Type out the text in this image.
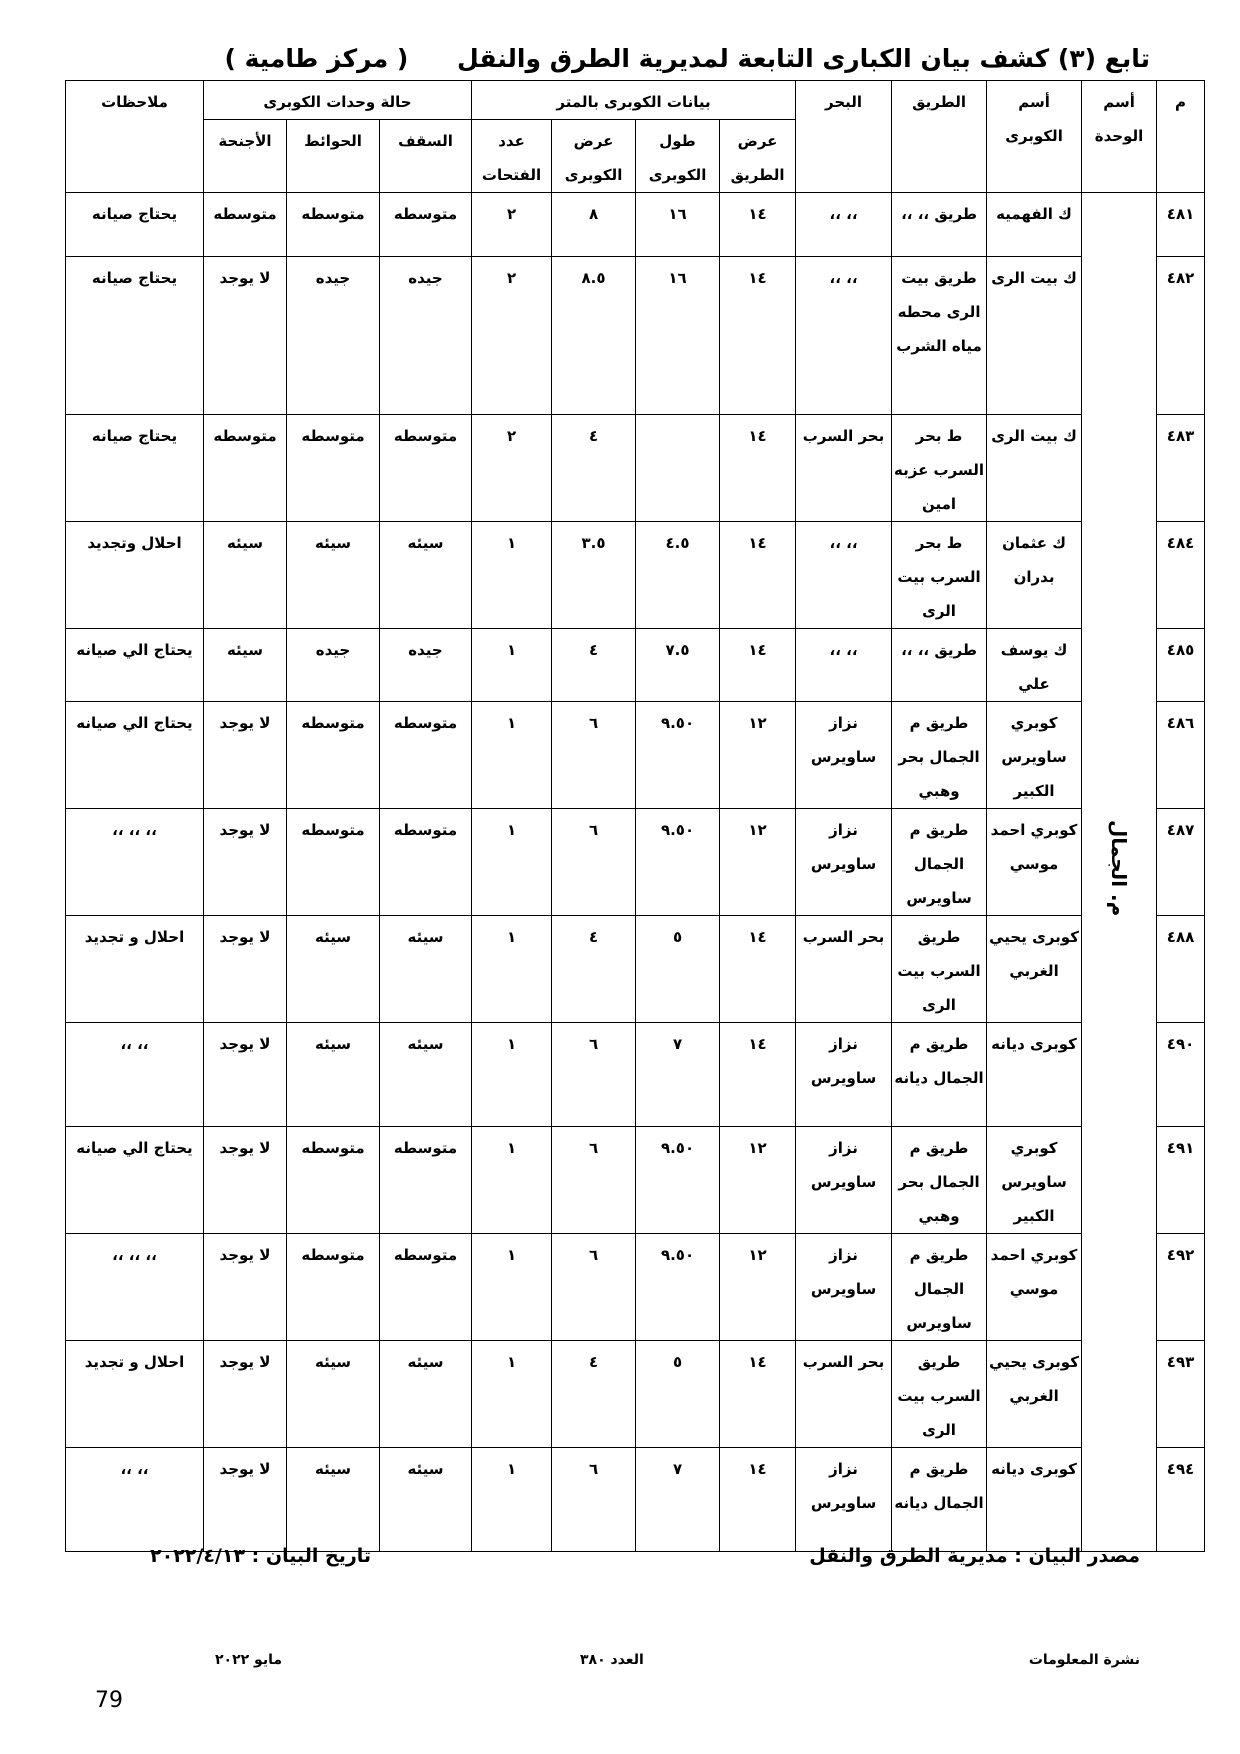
تابع (٣) كشف بيان الكبارى التابعة لمديرية الطرق والنقل ( مركز طامية )
م	أسم الوحدة	أسم الكوبرى	الطريق	البحر	بيانات الكوبرى بالمتر				حالة وحدات الكوبرى			ملاحظات
					عرض الطريق	طول الكوبرى	عرض الكوبرى	عدد الفتحات	السقف	الحوائط	الأجنحة	
٤٨١	م. الجمال	ك الفهميه	طريق ،، ،،	،، ،،	١٤	١٦	٨	٢	متوسطه	متوسطه	متوسطه	يحتاج صيانه
٤٨٢		ك بيت الرى	طريق بيت الرى محطه مياه الشرب	،، ،،	١٤	١٦	٨.٥	٢	جيده	جيده	لا يوجد	يحتاج صيانه
٤٨٣		ك بيت الرى	ط بحر السرب عزبه امين	بحر السرب	١٤		٤	٢	متوسطه	متوسطه	متوسطه	يحتاج صيانه
٤٨٤		ك عثمان بدران	ط بحر السرب بيت الرى	،، ،،	١٤	٤.٥	٣.٥	١	سيئه	سيئه	سيئه	احلال وتجديد
٤٨٥		ك يوسف علي	طريق ،، ،،	،، ،،	١٤	٧.٥	٤	١	جيده	جيده	سيئه	يحتاج الي صيانه
٤٨٦		كوبري ساويرس الكبير	طريق م الجمال بحر وهبي	نزاز ساويرس	١٢	٩.٥٠	٦	١	متوسطه	متوسطه	لا يوجد	يحتاج الي صيانه
٤٨٧		كوبري احمد موسي	طريق م الجمال ساويرس	نزاز ساويرس	١٢	٩.٥٠	٦	١	متوسطه	متوسطه	لا يوجد	،، ،، ،،
٤٨٨		كوبرى يحيي الغربي	طريق السرب بيت الرى	بحر السرب	١٤	٥	٤	١	سيئه	سيئه	لا يوجد	احلال و تجديد
٤٩٠		كوبرى ديانه	طريق م الجمال ديانه	نزاز ساويرس	١٤	٧	٦	١	سيئه	سيئه	لا يوجد	،، ،،
٤٩١		كوبري ساويرس الكبير	طريق م الجمال بحر وهبي	نزاز ساويرس	١٢	٩.٥٠	٦	١	متوسطه	متوسطه	لا يوجد	يحتاج الي صيانه
٤٩٢		كوبري احمد موسي	طريق م الجمال ساويرس	نزاز ساويرس	١٢	٩.٥٠	٦	١	متوسطه	متوسطه	لا يوجد	،، ،، ،،
٤٩٣		كوبرى يحيي الغربي	طريق السرب بيت الرى	بحر السرب	١٤	٥	٤	١	سيئه	سيئه	لا يوجد	احلال و تجديد
٤٩٤		كوبرى ديانه	طريق م الجمال ديانه	نزاز ساويرس	١٤	٧	٦	١	سيئه	سيئه	لا يوجد	،، ،،
مصدر البيان : مديرية الطرق والنقل
تاريخ البيان : ٢٠٢٢/٤/١٣
نشرة المعلومات
العدد ٣٨٠
مايو ٢٠٢٢
79
